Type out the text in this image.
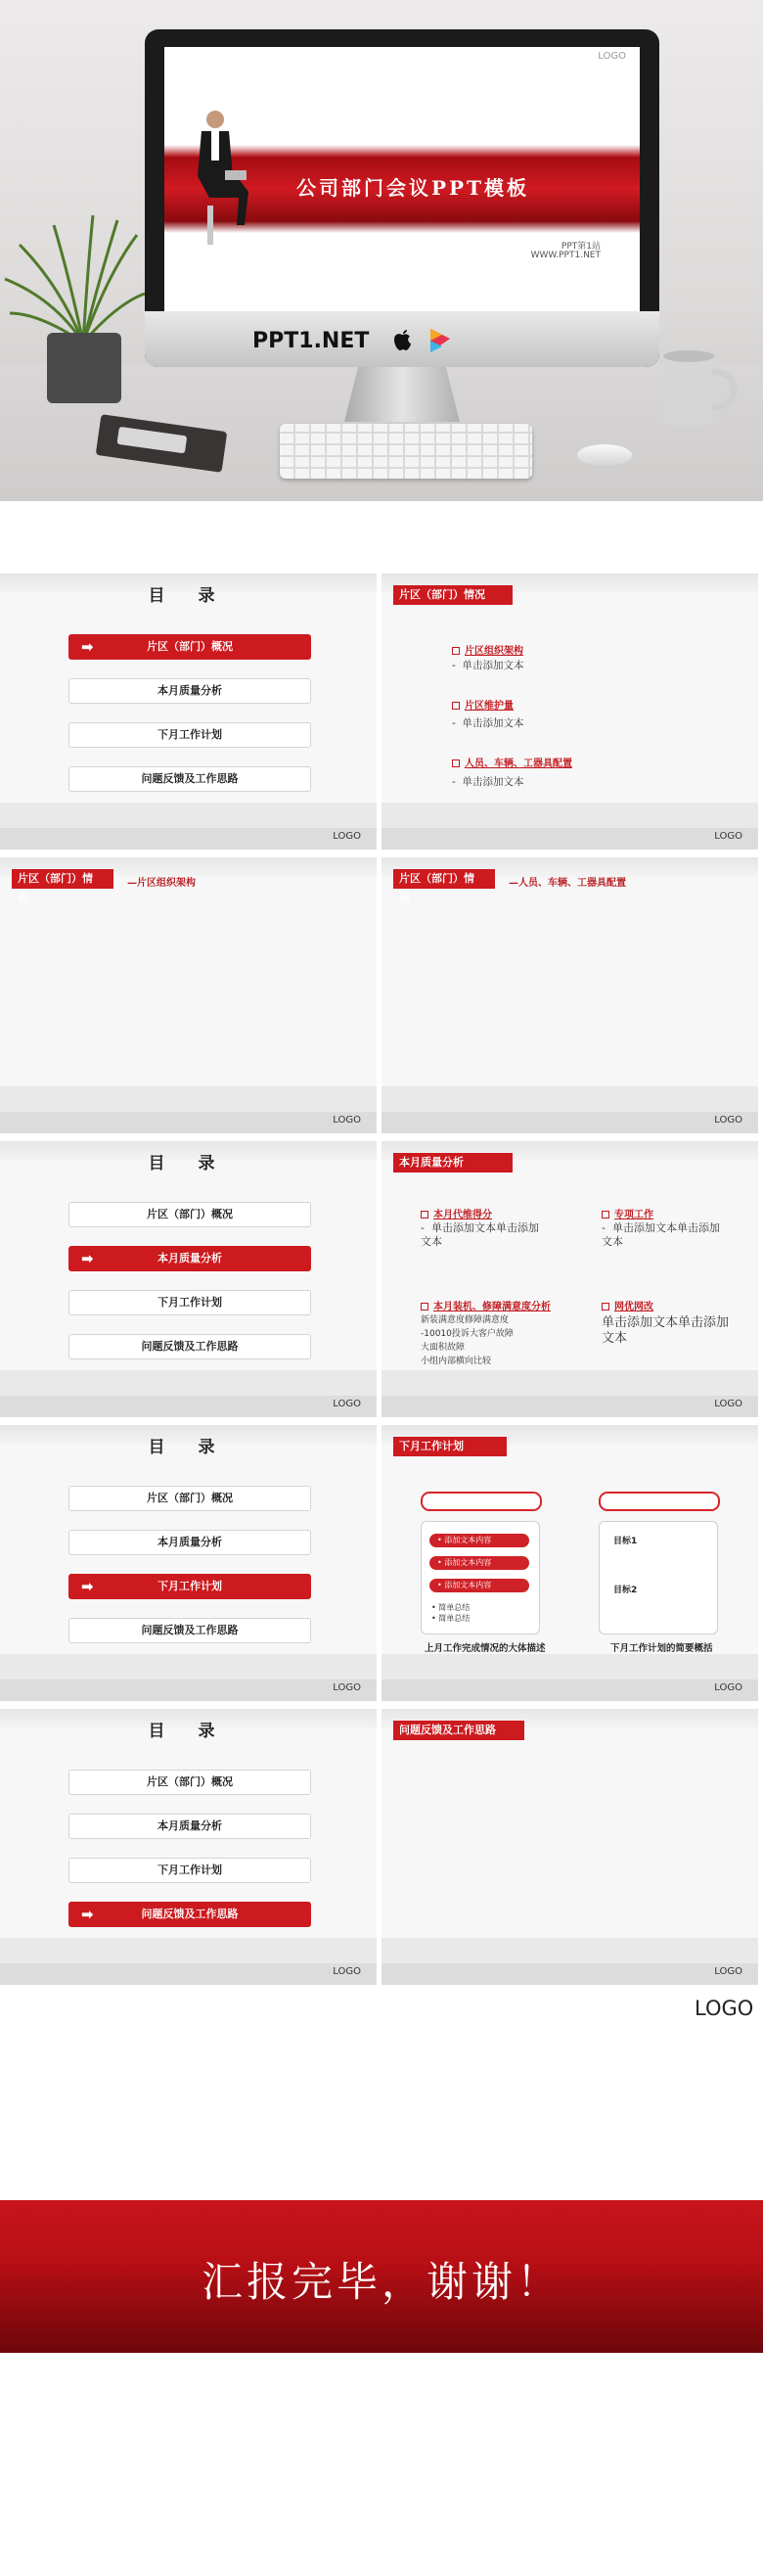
LOGO
公司部门会议PPT模板
PPT第1站
WWW.PPT1.NET
PPT1.NET
目 录
➡	片区（部门）概况
本月质量分析
下月工作计划
问题反馈及工作思路
LOGO
片区（部门）情况
片区组织架构
-  单击添加文本
片区维护量
-  单击添加文本
人员、车辆、工器具配置
-  单击添加文本
LOGO
片区（部门）情况
—片区组织架构
LOGO
片区（部门）情况
—人员、车辆、工器具配置
LOGO
目 录
片区（部门）概况
➡	本月质量分析
下月工作计划
问题反馈及工作思路
LOGO
本月质量分析
本月代维得分
-  单击添加文本单击添加文本
专项工作
-  单击添加文本单击添加文本
本月装机、修障满意度分析
新装满意度修障满意度
-10010投诉大客户故障
大面积故障
小组内部横向比较
网优网改
单击添加文本单击添加文本
LOGO
目 录
片区（部门）概况
本月质量分析
➡	下月工作计划
问题反馈及工作思路
LOGO
下月工作计划
• 添加文本内容
• 添加文本内容
• 添加文本内容
• 简单总结
• 简单总结
目标1
目标2
上月工作完成情况的大体描述	下月工作计划的简要概括
LOGO
目 录
片区（部门）概况
本月质量分析
下月工作计划
➡	问题反馈及工作思路
LOGO
问题反馈及工作思路
LOGO
LOGO
汇报完毕，谢谢！
